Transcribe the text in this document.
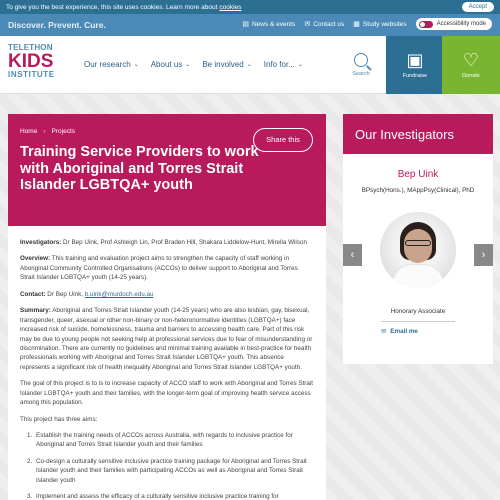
To give you the best experience, this site uses cookies. Learn more about cookies	Accept
Discover. Prevent. Cure.	▤ News & events ✉ Contact us ▦ Study websites	Accessibility mode
TELETHON
KIDS
INSTITUTE
Our research ⌄ About us ⌄ Be involved ⌄ Info for... ⌄
Search
▣
Fundraise
♡
Donate
Home › Projects
Share this
Training Service Providers to work with Aboriginal and Torres Strait Islander LGBTQA+ youth

Investigators: Dr Bep Uink, Prof Ashleigh Lin, Prof Braden Hill, Shakara Liddelow-Hunt, Mirella Wilson

Overview: This training and evaluation project aims to strengthen the capacity of staff working in Aboriginal Community Controlled Organisations (ACCOs) to deliver support to Aboriginal and Torres Strait Islander LGBTQA+ youth (14-25 years).

Contact: Dr Bep Uink, b.uink@murdoch.edu.au

Summary: Aboriginal and Torres Strait Islander youth (14-25 years) who are also lesbian, gay, bisexual, transgender, queer, asexual or other non-binary or non-heteronormative identities (LGBTQA+) face increased risk of suicide, homelessness, trauma and barriers to accessing health care. Part of this risk may be due to young people not seeking help at professional services due to fear of misunderstanding or discrimination. There are currently no guidelines and minimal training available in best-practice for health professionals working with Aboriginal and Torres Strait Islander LGBTQA+ youth. This absence represents a significant risk of health inequality Aboriginal and Torres Strait Islander LGBTQA+ youth.

The goal of this project is to is to increase capacity of ACCO staff to work with Aboriginal and Torres Strait Islander LGBTQA+ youth and their families, with the longer-term goal of improving health service access among this population.

This project has three aims:

1. Establish the training needs of ACCOs across Australia, with regards to inclusive practice for Aboriginal and Torres Strait Islander youth and their families
2. Co-design a culturally sensitive inclusive practice training package for Aboriginal and Torres Strait Islander youth and their families with participating ACCOs as well as Aboriginal and Torres Strait Islander youth
3. Implement and assess the efficacy of a culturally sensitive inclusive practice training for
Our Investigators
Bep Uink
BPsych(Hons.), MAppPsy(Clinical), PhD
Honorary Associate
✉ Email me
‹	›
